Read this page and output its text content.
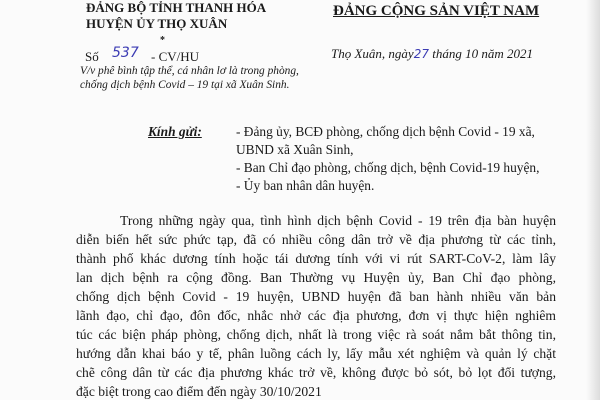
ĐẢNG BỘ TỈNH THANH HÓA
HUYỆN ỦY THỌ XUÂN
*
ĐẢNG CỘNG SẢN VIỆT NAM
Số 537 - CV/HU	Thọ Xuân, ngày27 tháng 10 năm 2021
V/v phê bình tập thể, cá nhân lơ là trong phòng,
chống dịch bệnh Covid – 19 tại xã Xuân Sinh.
Kính gửi:	- Đảng ủy, BCĐ phòng, chống dịch bệnh Covid - 19 xã,
UBND xã Xuân Sinh,
- Ban Chỉ đạo phòng, chống dịch, bệnh Covid-19 huyện,
- Ủy ban nhân dân huyện.
Trong những ngày qua, tình hình dịch bệnh Covid - 19 trên địa bàn huyện
diễn biến hết sức phức tạp, đã có nhiều công dân trở về địa phương từ các tỉnh,
thành phố khác dương tính hoặc tái dương tính với vi rút SART-CoV-2, làm lây
lan dịch bệnh ra cộng đồng. Ban Thường vụ Huyện ủy, Ban Chỉ đạo phòng,
chống dịch bệnh Covid - 19 huyện, UBND huyện đã ban hành nhiều văn bản
lãnh đạo, chỉ đạo, đôn đốc, nhắc nhở các địa phương, đơn vị thực hiện nghiêm
túc các biện pháp phòng, chống dịch, nhất là trong việc rà soát nắm bắt thông tin,
hướng dẫn khai báo y tế, phân luồng cách ly, lấy mẫu xét nghiệm và quản lý chặt
chẽ công dân từ các địa phương khác trở về, không được bỏ sót, bỏ lọt đối tượng,
đặc biệt trong cao điểm đến ngày 30/10/2021
